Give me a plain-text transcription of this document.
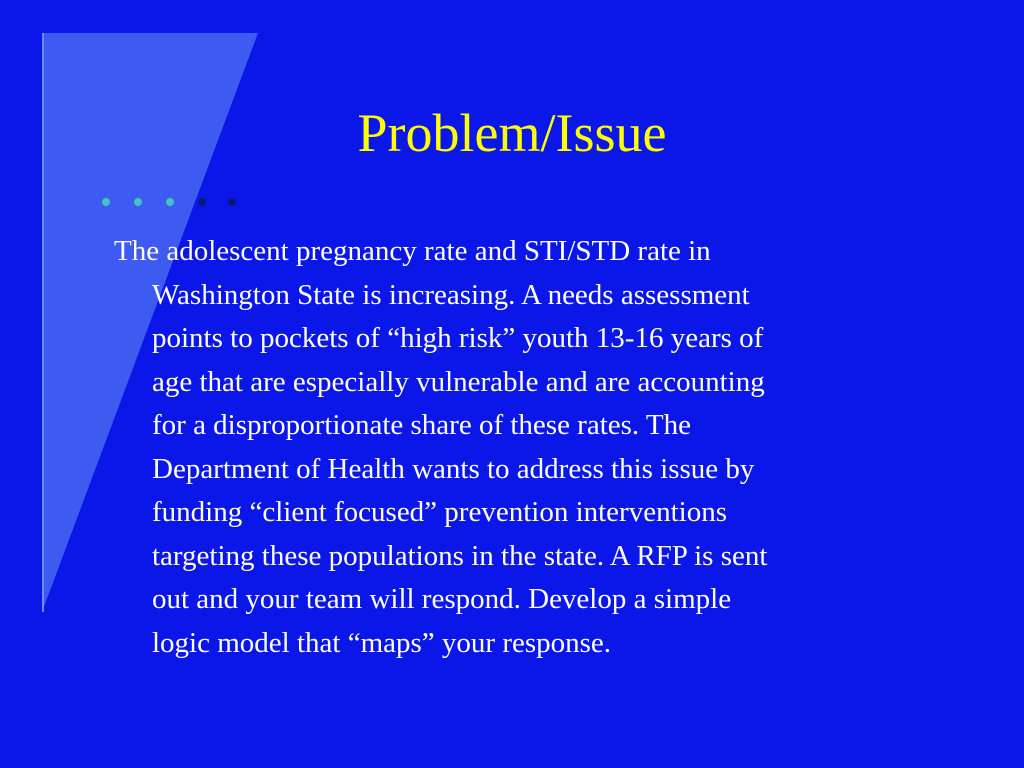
Problem/Issue

The adolescent pregnancy rate and STI/STD rate in
Washington State is increasing. A needs assessment
points to pockets of “high risk” youth 13-16 years of
age that are especially vulnerable and are accounting
for a disproportionate share of these rates. The
Department of Health wants to address this issue by
funding “client focused” prevention interventions
targeting these populations in the state. A RFP is sent
out and your team will respond. Develop a simple
logic model that “maps” your response.
